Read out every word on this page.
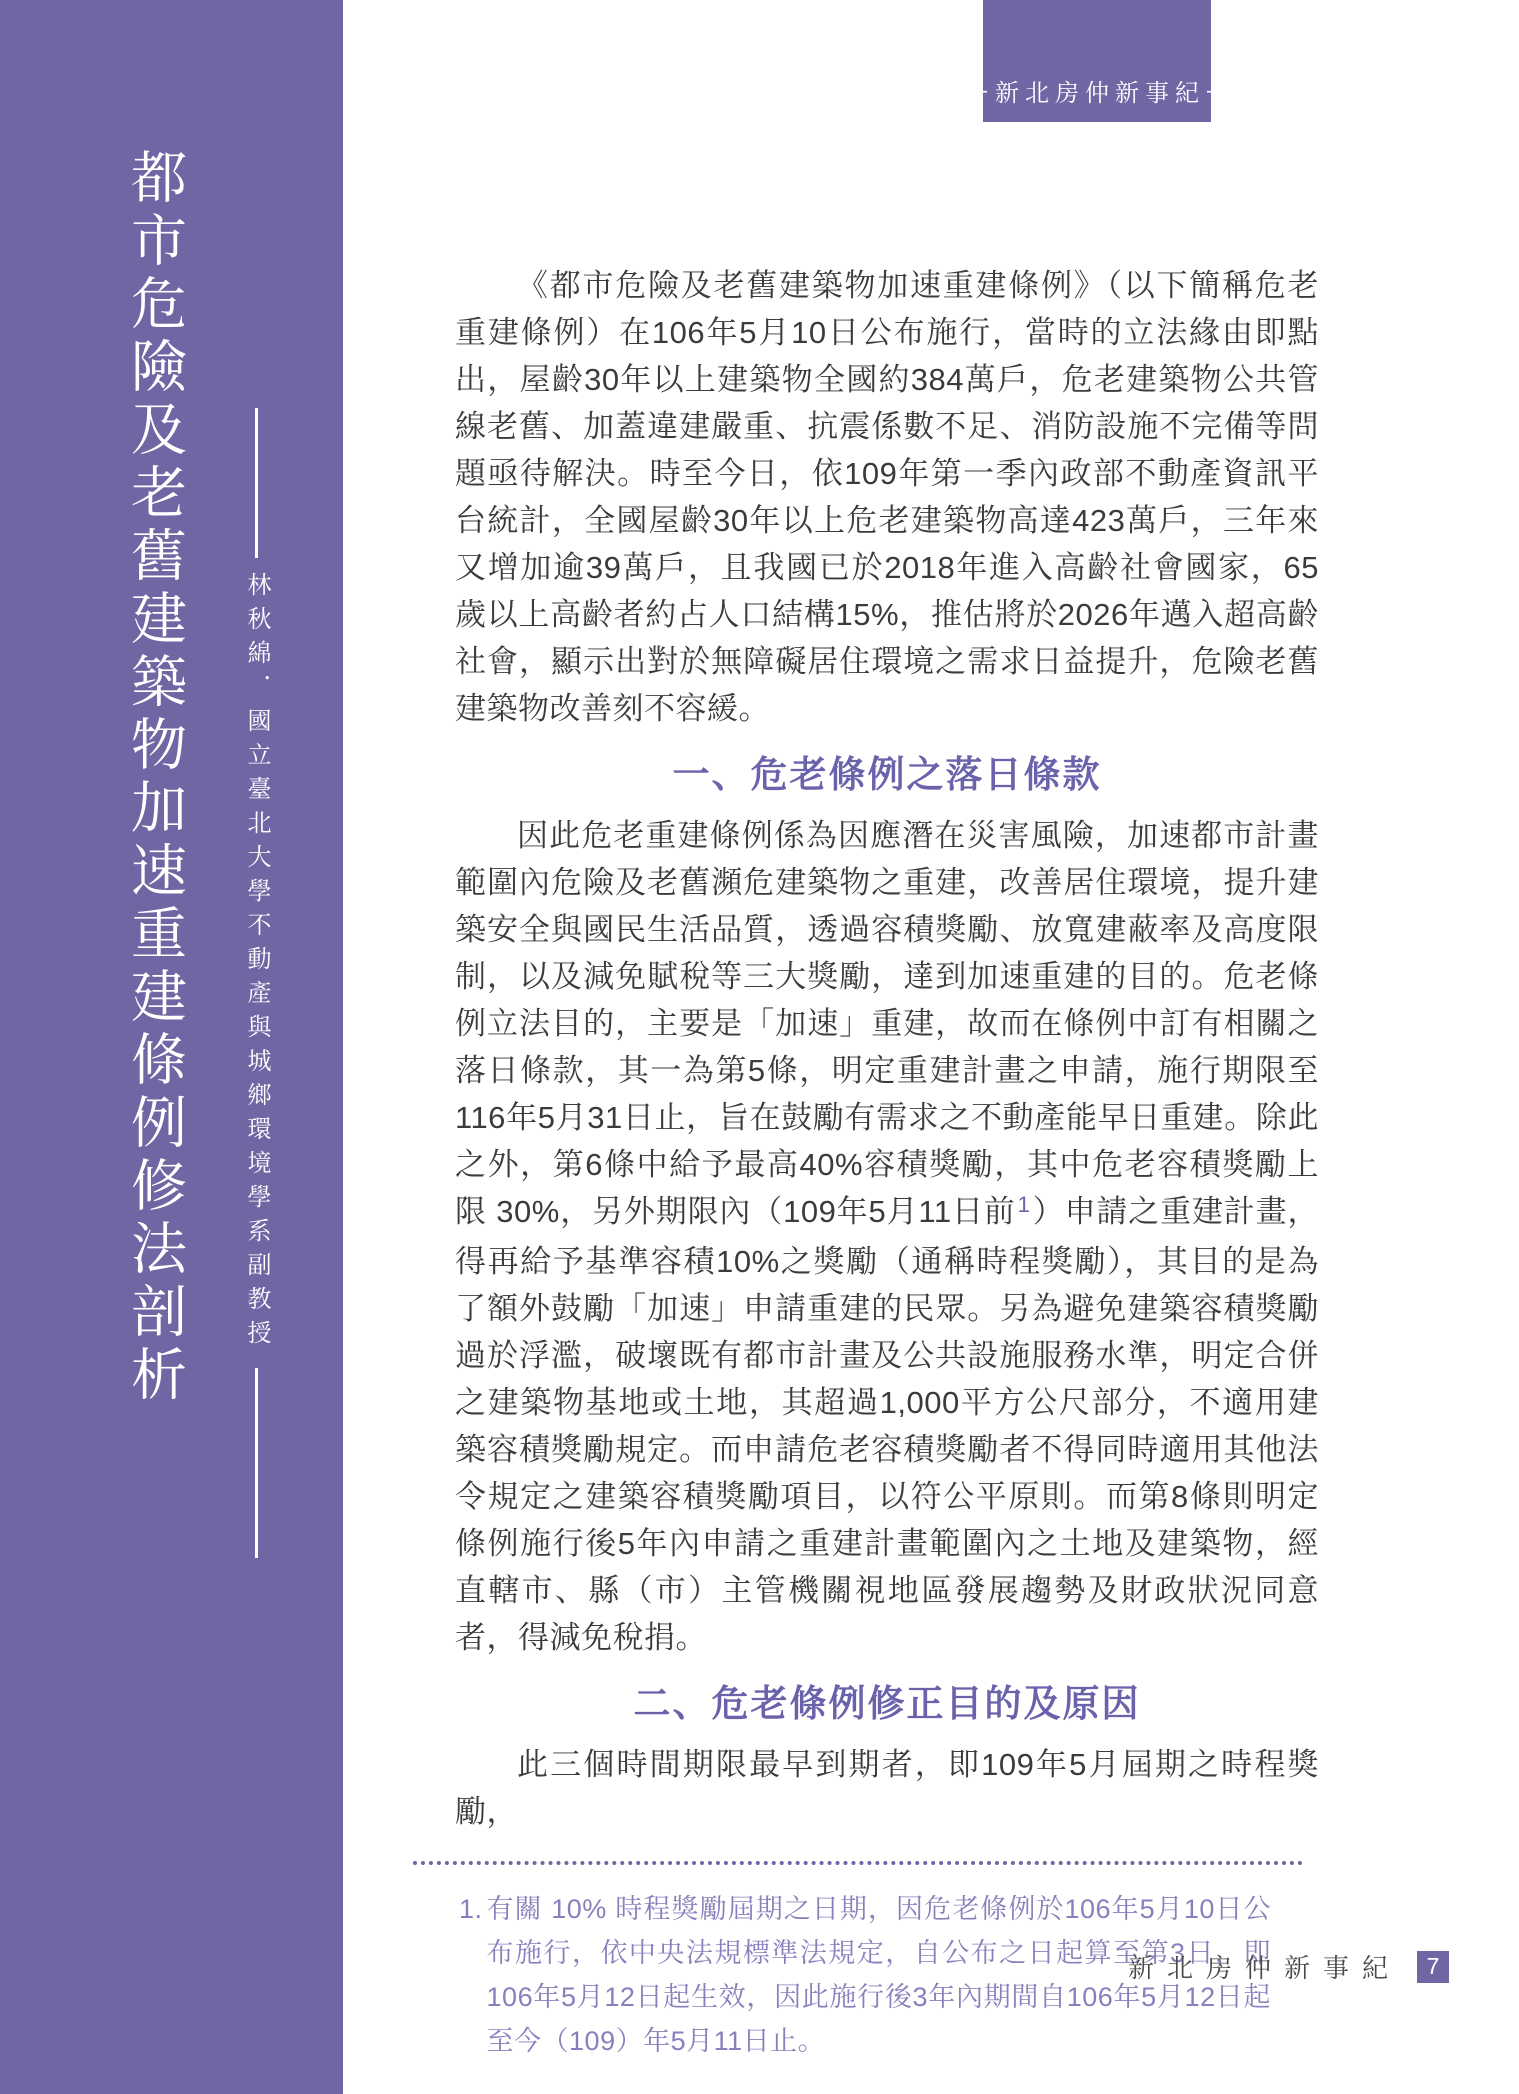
都市危險及老舊建築物加速重建條例修法剖析	林秋綿．國立臺北大學不動產與城鄉環境學系副教授
— 新北房仲新事紀 —

《都市危險及老舊建築物加速重建條例》（以下簡稱危老重建條例）在106年5月10日公布施行，當時的立法緣由即點出，屋齡30年以上建築物全國約384萬戶，危老建築物公共管線老舊、加蓋違建嚴重、抗震係數不足、消防設施不完備等問題亟待解決。時至今日，依109年第一季內政部不動產資訊平台統計，全國屋齡30年以上危老建築物高達423萬戶，三年來又增加逾39萬戶，且我國已於2018年進入高齡社會國家，65歲以上高齡者約占人口結構15%，推估將於2026年邁入超高齡社會，顯示出對於無障礙居住環境之需求日益提升，危險老舊建築物改善刻不容緩。

一、危老條例之落日條款

因此危老重建條例係為因應潛在災害風險，加速都市計畫範圍內危險及老舊瀕危建築物之重建，改善居住環境，提升建築安全與國民生活品質，透過容積獎勵、放寬建蔽率及高度限制，以及減免賦稅等三大獎勵，達到加速重建的目的。危老條例立法目的，主要是「加速」重建，故而在條例中訂有相關之落日條款，其一為第5條，明定重建計畫之申請，施行期限至116年5月31日止，旨在鼓勵有需求之不動產能早日重建。除此之外，第6條中給予最高40%容積獎勵，其中危老容積獎勵上限 30%，另外期限內（109年5月11日前$^1$）申請之重建計畫，得再給予基準容積10%之獎勵（通稱時程獎勵），其目的是為了額外鼓勵「加速」申請重建的民眾。另為避免建築容積獎勵過於浮濫，破壞既有都市計畫及公共設施服務水準，明定合併之建築物基地或土地，其超過1,000平方公尺部分，不適用建築容積獎勵規定。而申請危老容積獎勵者不得同時適用其他法令規定之建築容積獎勵項目，以符公平原則。而第8條則明定條例施行後5年內申請之重建計畫範圍內之土地及建築物，經直轄市、縣（市）主管機關視地區發展趨勢及財政狀況同意者，得減免稅捐。

二、危老條例修正目的及原因

此三個時間期限最早到期者，即109年5月屆期之時程獎勵，

1. 有關 10% 時程獎勵屆期之日期，因危老條例於106年5月10日公布施行，依中央法規標準法規定，自公布之日起算至第3日，即106年5月12日起生效，因此施行後3年內期間自106年5月12日起至今（109）年5月11日止。
新北房仲新事紀	7
